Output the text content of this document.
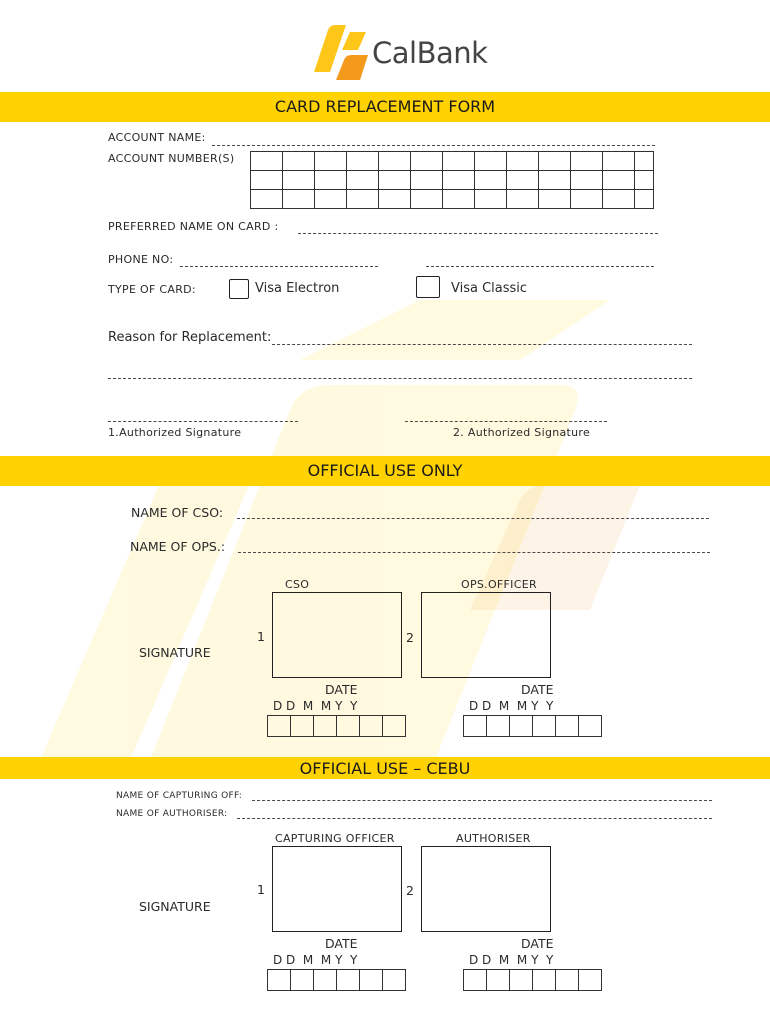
CalBank
CARD REPLACEMENT FORM
ACCOUNT NAME:
ACCOUNT NUMBER(S)

PREFERRED NAME ON CARD :
PHONE NO:
TYPE OF CARD:	Visa Electron	Visa Classic
Reason for Replacement:
1.Authorized Signature	2. Authorized Signature
OFFICIAL USE ONLY
NAME OF CSO:
NAME OF OPS.:
CSO	OPS.OFFICER
1	2
SIGNATURE
DATE	DATE
D D  M  M Y  Y	D D  M  M Y  Y

OFFICIAL USE – CEBU
NAME OF CAPTURING OFF:
NAME OF AUTHORISER:
CAPTURING OFFICER	AUTHORISER
1	2
SIGNATURE
DATE	DATE
D D  M  M Y  Y	D D  M  M Y  Y
